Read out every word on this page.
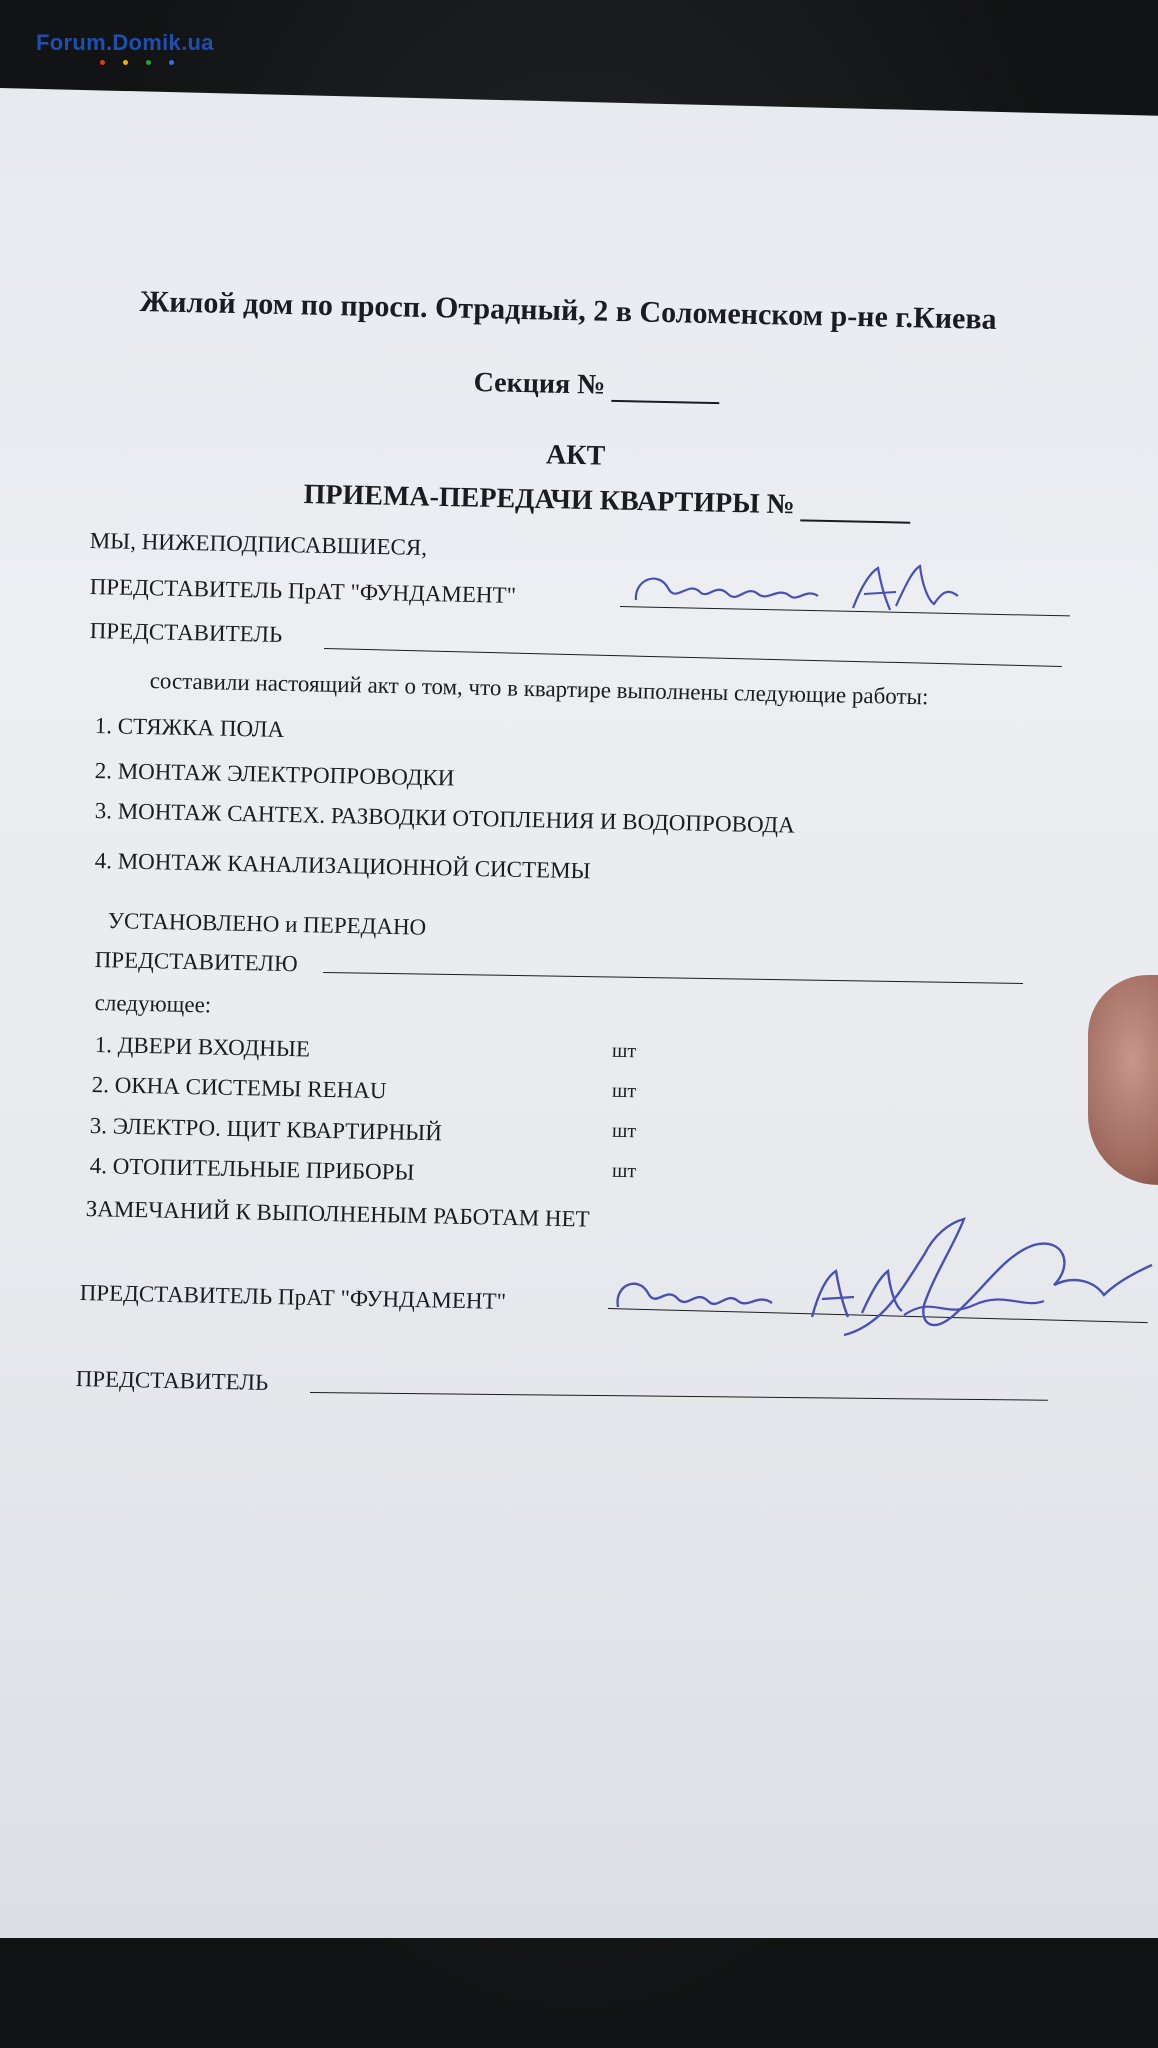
Forum.Domik.ua
Жилой дом по просп. Отрадный, 2 в Соломенском р-не г.Киева
Секция №
АКТ
ПРИЕМА-ПЕРЕДАЧИ КВАРТИРЫ №
МЫ, НИЖЕПОДПИСАВШИЕСЯ,
ПРЕДСТАВИТЕЛЬ ПрАТ "ФУНДАМЕНТ"
ПРЕДСТАВИТЕЛЬ
составили настоящий акт о том, что в квартире выполнены следующие работы:
1. СТЯЖКА ПОЛА
2. МОНТАЖ ЭЛЕКТРОПРОВОДКИ
3. МОНТАЖ САНТЕХ. РАЗВОДКИ ОТОПЛЕНИЯ И ВОДОПРОВОДА
4. МОНТАЖ КАНАЛИЗАЦИОННОЙ СИСТЕМЫ
УСТАНОВЛЕНО и ПЕРЕДАНО
ПРЕДСТАВИТЕЛЮ
следующее:
1. ДВЕРИ ВХОДНЫЕ	шт
2. ОКНА СИСТЕМЫ REHAU	шт
3. ЭЛЕКТРО. ЩИТ КВАРТИРНЫЙ	шт
4. ОТОПИТЕЛЬНЫЕ ПРИБОРЫ	шт
ЗАМЕЧАНИЙ К ВЫПОЛНЕНЫМ РАБОТАМ НЕТ
ПРЕДСТАВИТЕЛЬ ПрАТ "ФУНДАМЕНТ"
ПРЕДСТАВИТЕЛЬ
